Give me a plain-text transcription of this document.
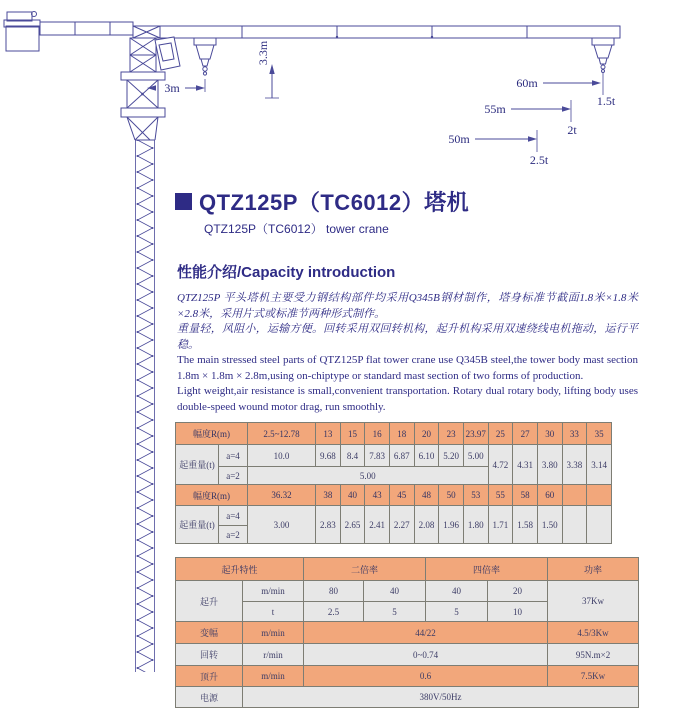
3m
3.3m
60m
1.5t
55m
2t
50m
2.5t
QTZ125P（TC6012）塔机
QTZ125P（TC6012） tower crane
性能介绍/Capacity introduction

QTZ125P 平头塔机主要受力钢结构部件均采用Q345B钢材制作，塔身标准节截面1.8米×1.8米×2.8米，采用片式或标准节两种形式制作。

重量轻，风阻小，运输方便。回转采用双回转机构，起升机构采用双速绕线电机拖动，运行平稳。

The main stressed steel parts of QTZ125P flat tower crane use Q345B steel,the tower body mast section 1.8m × 1.8m × 2.8m,using on-chiptype or standard mast section of two forms of production.

Light weight,air resistance is small,convenient transportation. Rotary dual rotary body, lifting body uses double-speed wound motor drag, run smoothly.

幅度R(m)		2.5~12.78	13	15	16	18	20	23	23.97	25	27	30	33	35
起重量(t)	a=4	10.0	9.68	8.4	7.83	6.87	6.10	5.20	5.00	4.72	4.31	3.80	3.38	3.14
	a=2	5.00												
幅度R(m)		36.32	38	40	43	45	48	50	53	55	58	60		
起重量(t)	a=4	3.00	2.83	2.65	2.41	2.27	2.08	1.96	1.80	1.71	1.58	1.50		
	a=2													
起升特性		二倍率		四倍率		功率
起升	m/min	80	40	40	20	37Kw
	t	2.5	5	5	10	
变幅	m/min	44/22				4.5/3Kw
回转	r/min	0~0.74				95N.m×2
顶升	m/min	0.6				7.5Kw
电源	380V/50Hz					
